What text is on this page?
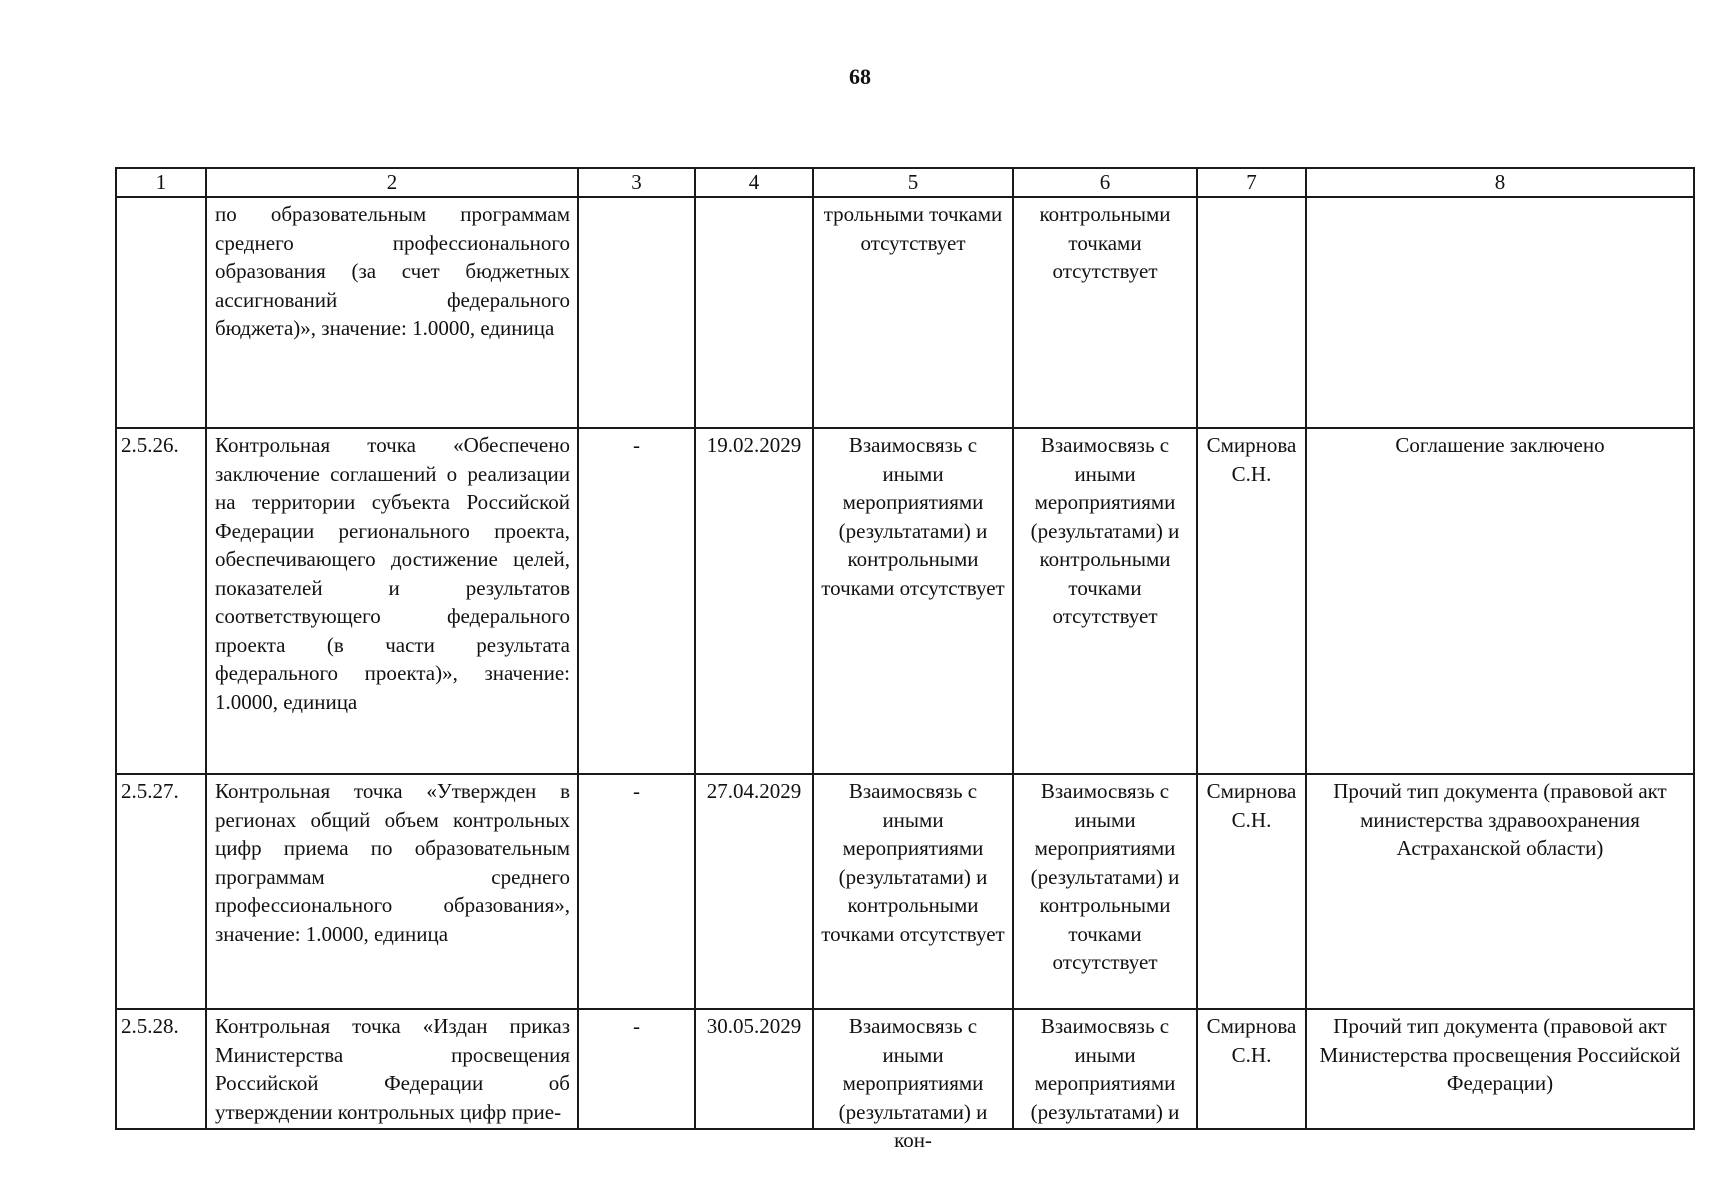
68
1	2	3	4	5	6	7	8

	по образовательным программам среднего профессионального образования (за счет бюджетных ассигнований федерального бюджета)», значение: 1.0000, единица			трольными точками отсутствует	контрольными точками отсутствует		

2.5.26.	Контрольная точка «Обеспечено заключение соглашений о реализации на территории субъекта Российской Федерации регионального проекта, обеспечивающего достижение целей, показателей и результатов соответствующего федерального проекта (в части результата федерального проекта)», значение: 1.0000, единица	-	19.02.2029	Взаимосвязь с иными мероприятиями (результатами) и контрольными точками отсутствует	Взаимосвязь с иными мероприятиями (результатами) и контрольными точками отсутствует	Смирнова С.Н.	Соглашение заключено

2.5.27.	Контрольная точка «Утвержден в регионах общий объем контрольных цифр приема по образовательным программам среднего профессионального образования», значение: 1.0000, единица	-	27.04.2029	Взаимосвязь с иными мероприятиями (результатами) и контрольными точками отсутствует	Взаимосвязь с иными мероприятиями (результатами) и контрольными точками отсутствует	Смирнова С.Н.	Прочий тип документа (правовой акт министерства здравоохранения Астраханской области)

2.5.28.	Контрольная точка «Издан приказ Министерства просвещения Российской Федерации об утверждении контрольных цифр прие-	-	30.05.2029	Взаимосвязь с иными мероприятиями (результатами) и кон-	Взаимосвязь с иными мероприятиями (результатами) и	Смирнова С.Н.	Прочий тип документа (правовой акт Министерства просвещения Российской Федерации)
